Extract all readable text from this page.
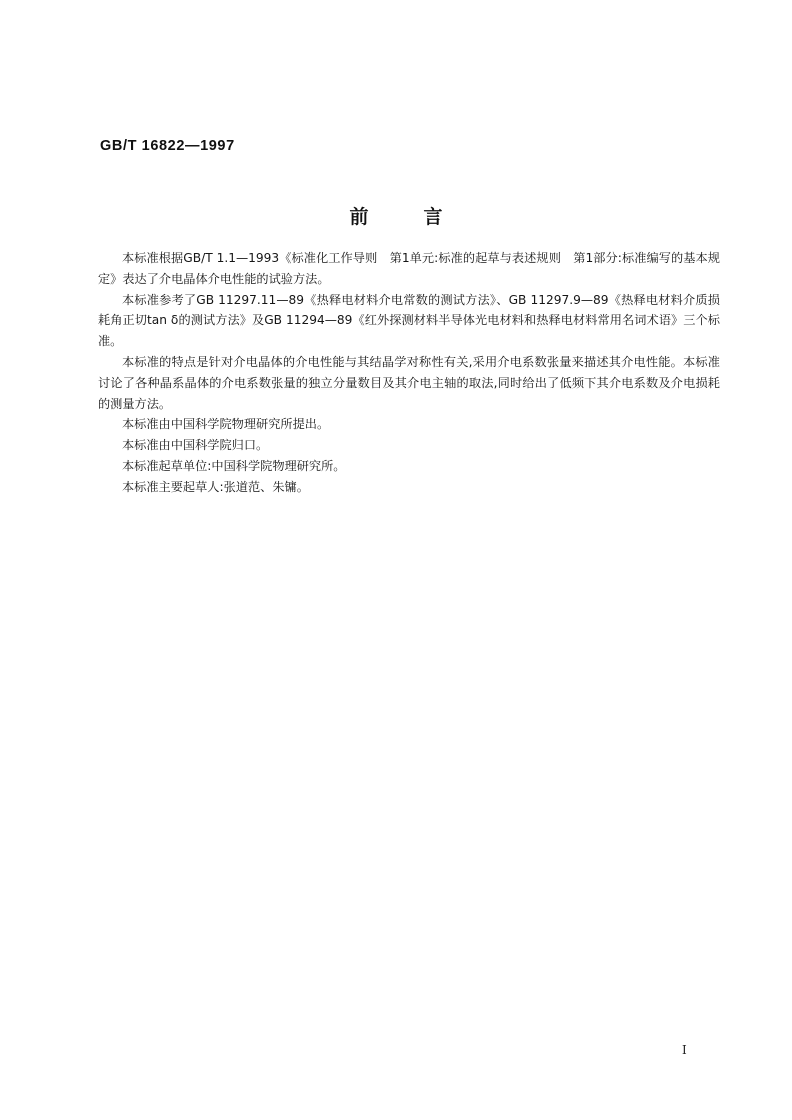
GB/T 16822—1997
前言

本标准根据GB/T 1.1—1993《标准化工作导则　第1单元:标准的起草与表述规则　第1部分:标准编写的基本规定》表达了介电晶体介电性能的试验方法。

本标准参考了GB 11297.11—89《热释电材料介电常数的测试方法》、GB 11297.9—89《热释电材料介质损耗角正切tan δ的测试方法》及GB 11294—89《红外探测材料半导体光电材料和热释电材料常用名词术语》三个标准。

本标准的特点是针对介电晶体的介电性能与其结晶学对称性有关,采用介电系数张量来描述其介电性能。本标准讨论了各种晶系晶体的介电系数张量的独立分量数目及其介电主轴的取法,同时给出了低频下其介电系数及介电损耗的测量方法。

本标准由中国科学院物理研究所提出。

本标准由中国科学院归口。

本标准起草单位:中国科学院物理研究所。

本标准主要起草人:张道范、朱镛。

I
